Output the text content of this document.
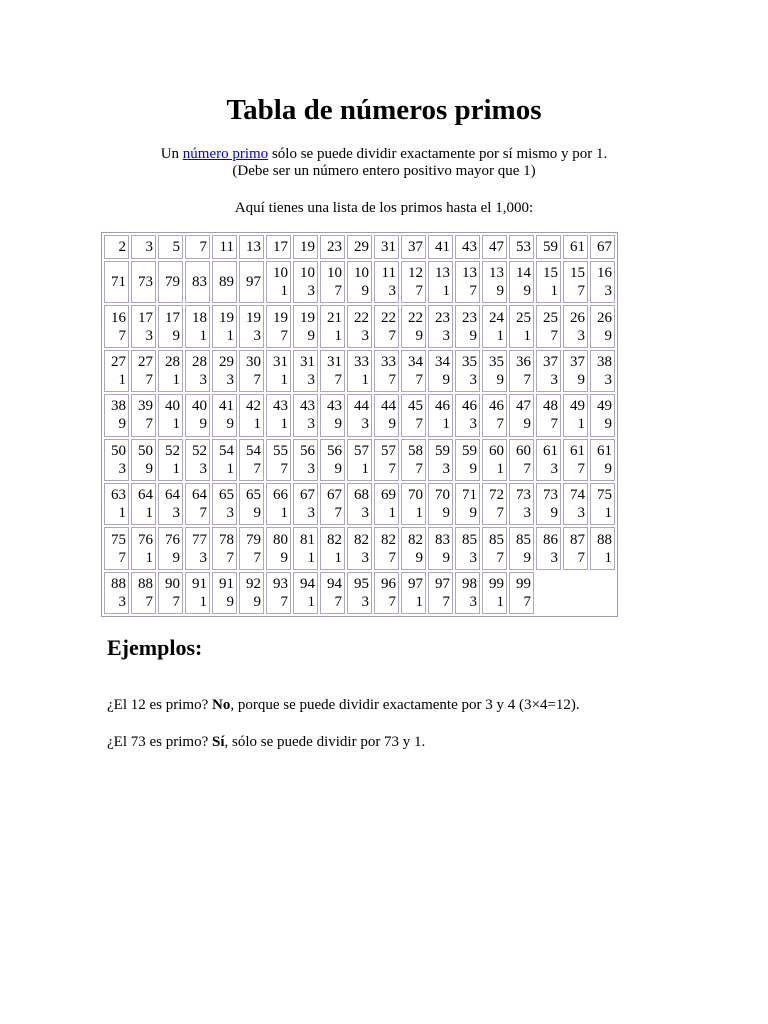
Tabla de números primos

Un número primo sólo se puede dividir exactamente por sí mismo y por 1.

(Debe ser un número entero positivo mayor que 1)

Aquí tienes una lista de los primos hasta el 1,000:

2	3	5	7	11	13	17	19	23	29	31	37	41	43	47	53	59	61	67
71	73	79	83	89	97	101	103	107	109	113	127	131	137	139	149	151	157	163
167	173	179	181	191	193	197	199	211	223	227	229	233	239	241	251	257	263	269
271	277	281	283	293	307	311	313	317	331	337	347	349	353	359	367	373	379	383
389	397	401	409	419	421	431	433	439	443	449	457	461	463	467	479	487	491	499
503	509	521	523	541	547	557	563	569	571	577	587	593	599	601	607	613	617	619
631	641	643	647	653	659	661	673	677	683	691	701	709	719	727	733	739	743	751
757	761	769	773	787	797	809	811	821	823	827	829	839	853	857	859	863	877	881
883	887	907	911	919	929	937	941	947	953	967	971	977	983	991	997			
Ejemplos:

¿El 12 es primo? No, porque se puede dividir exactamente por 3 y 4 (3×4=12).

¿El 73 es primo? Sí, sólo se puede dividir por 73 y 1.
